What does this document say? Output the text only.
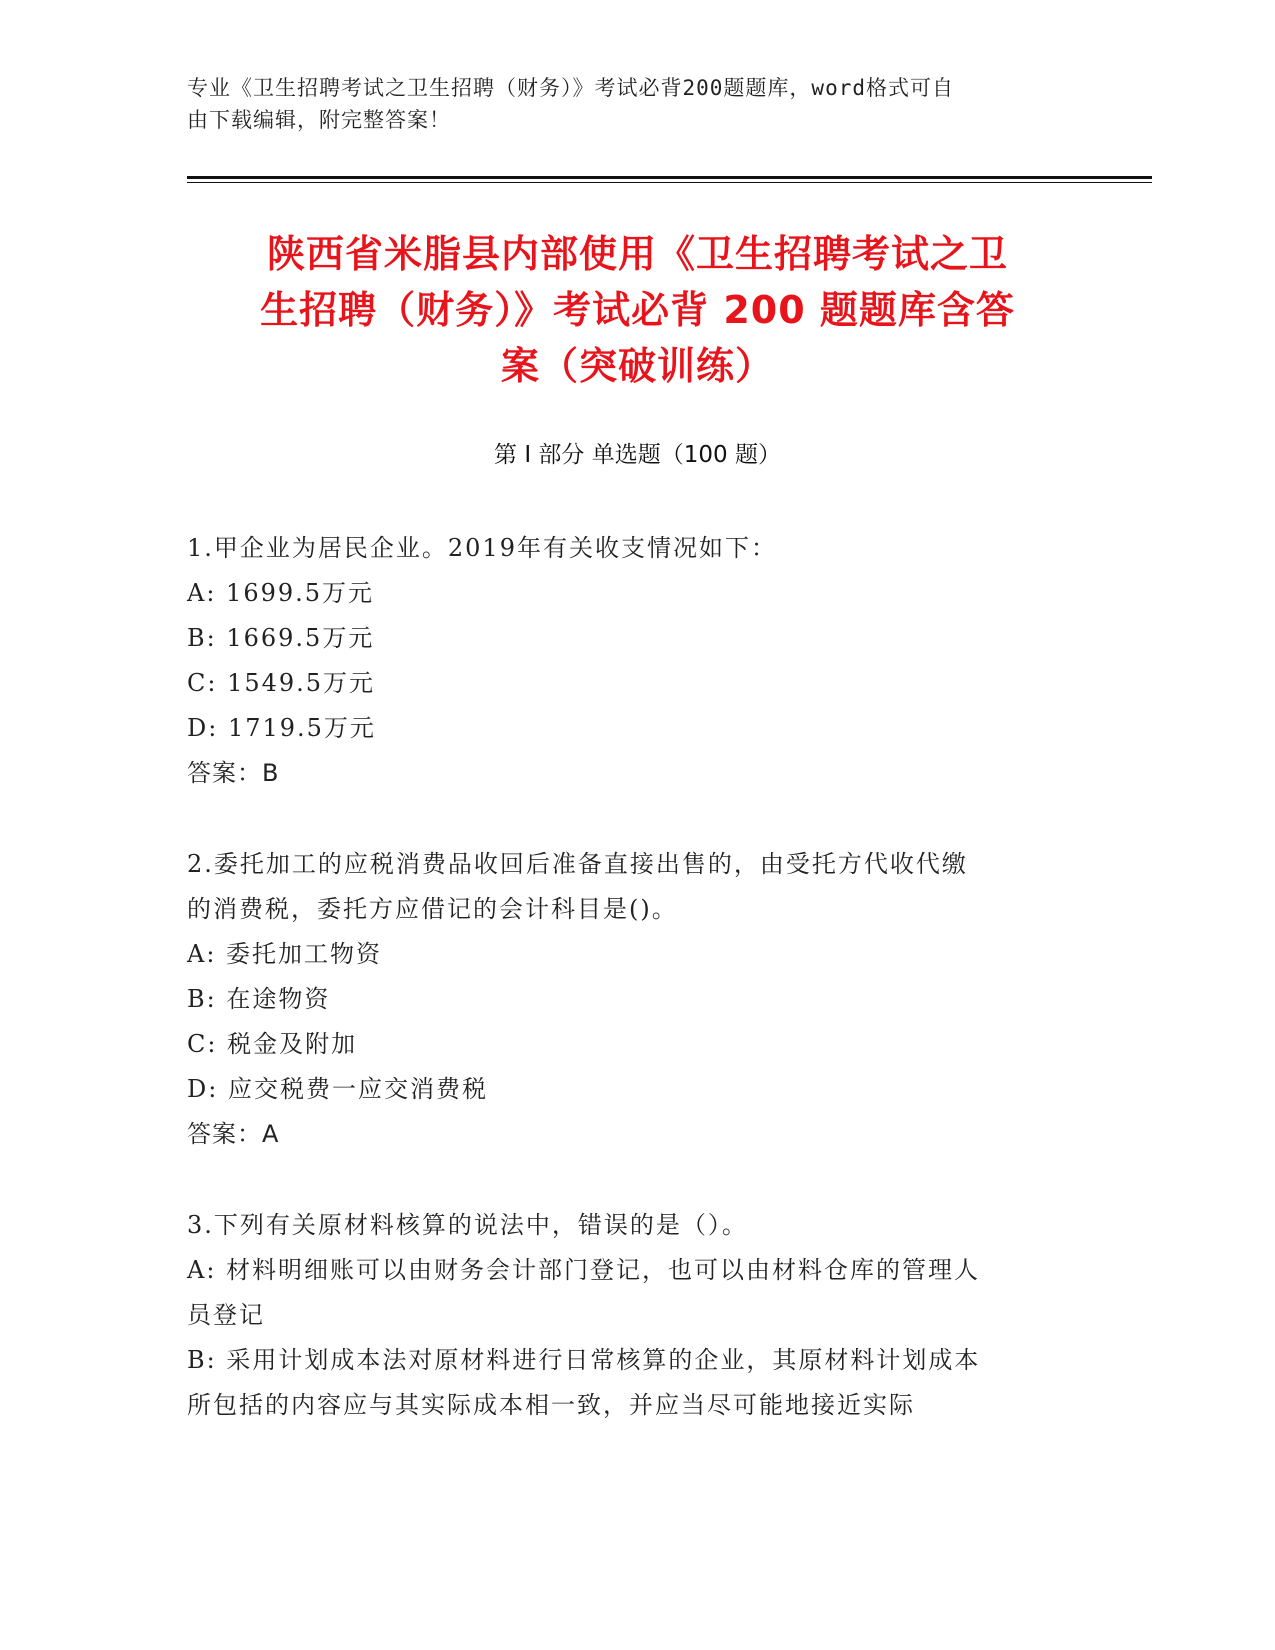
专业《卫生招聘考试之卫生招聘（财务）》考试必背200题题库，word格式可自
由下载编辑，附完整答案！
陕西省米脂县内部使用《卫生招聘考试之卫
生招聘（财务）》考试必背 200 题题库含答
案（突破训练）
第 I 部分 单选题（100 题）
1.甲企业为居民企业。2019年有关收支情况如下：
A: 1699.5万元
B: 1669.5万元
C: 1549.5万元
D: 1719.5万元
答案：B
2.委托加工的应税消费品收回后准备直接出售的，由受托方代收代缴
的消费税，委托方应借记的会计科目是()。
A: 委托加工物资
B: 在途物资
C: 税金及附加
D: 应交税费一应交消费税
答案：A
3.下列有关原材料核算的说法中，错误的是（）。
A: 材料明细账可以由财务会计部门登记，也可以由材料仓库的管理人
员登记
B: 采用计划成本法对原材料进行日常核算的企业，其原材料计划成本
所包括的内容应与其实际成本相一致，并应当尽可能地接近实际
